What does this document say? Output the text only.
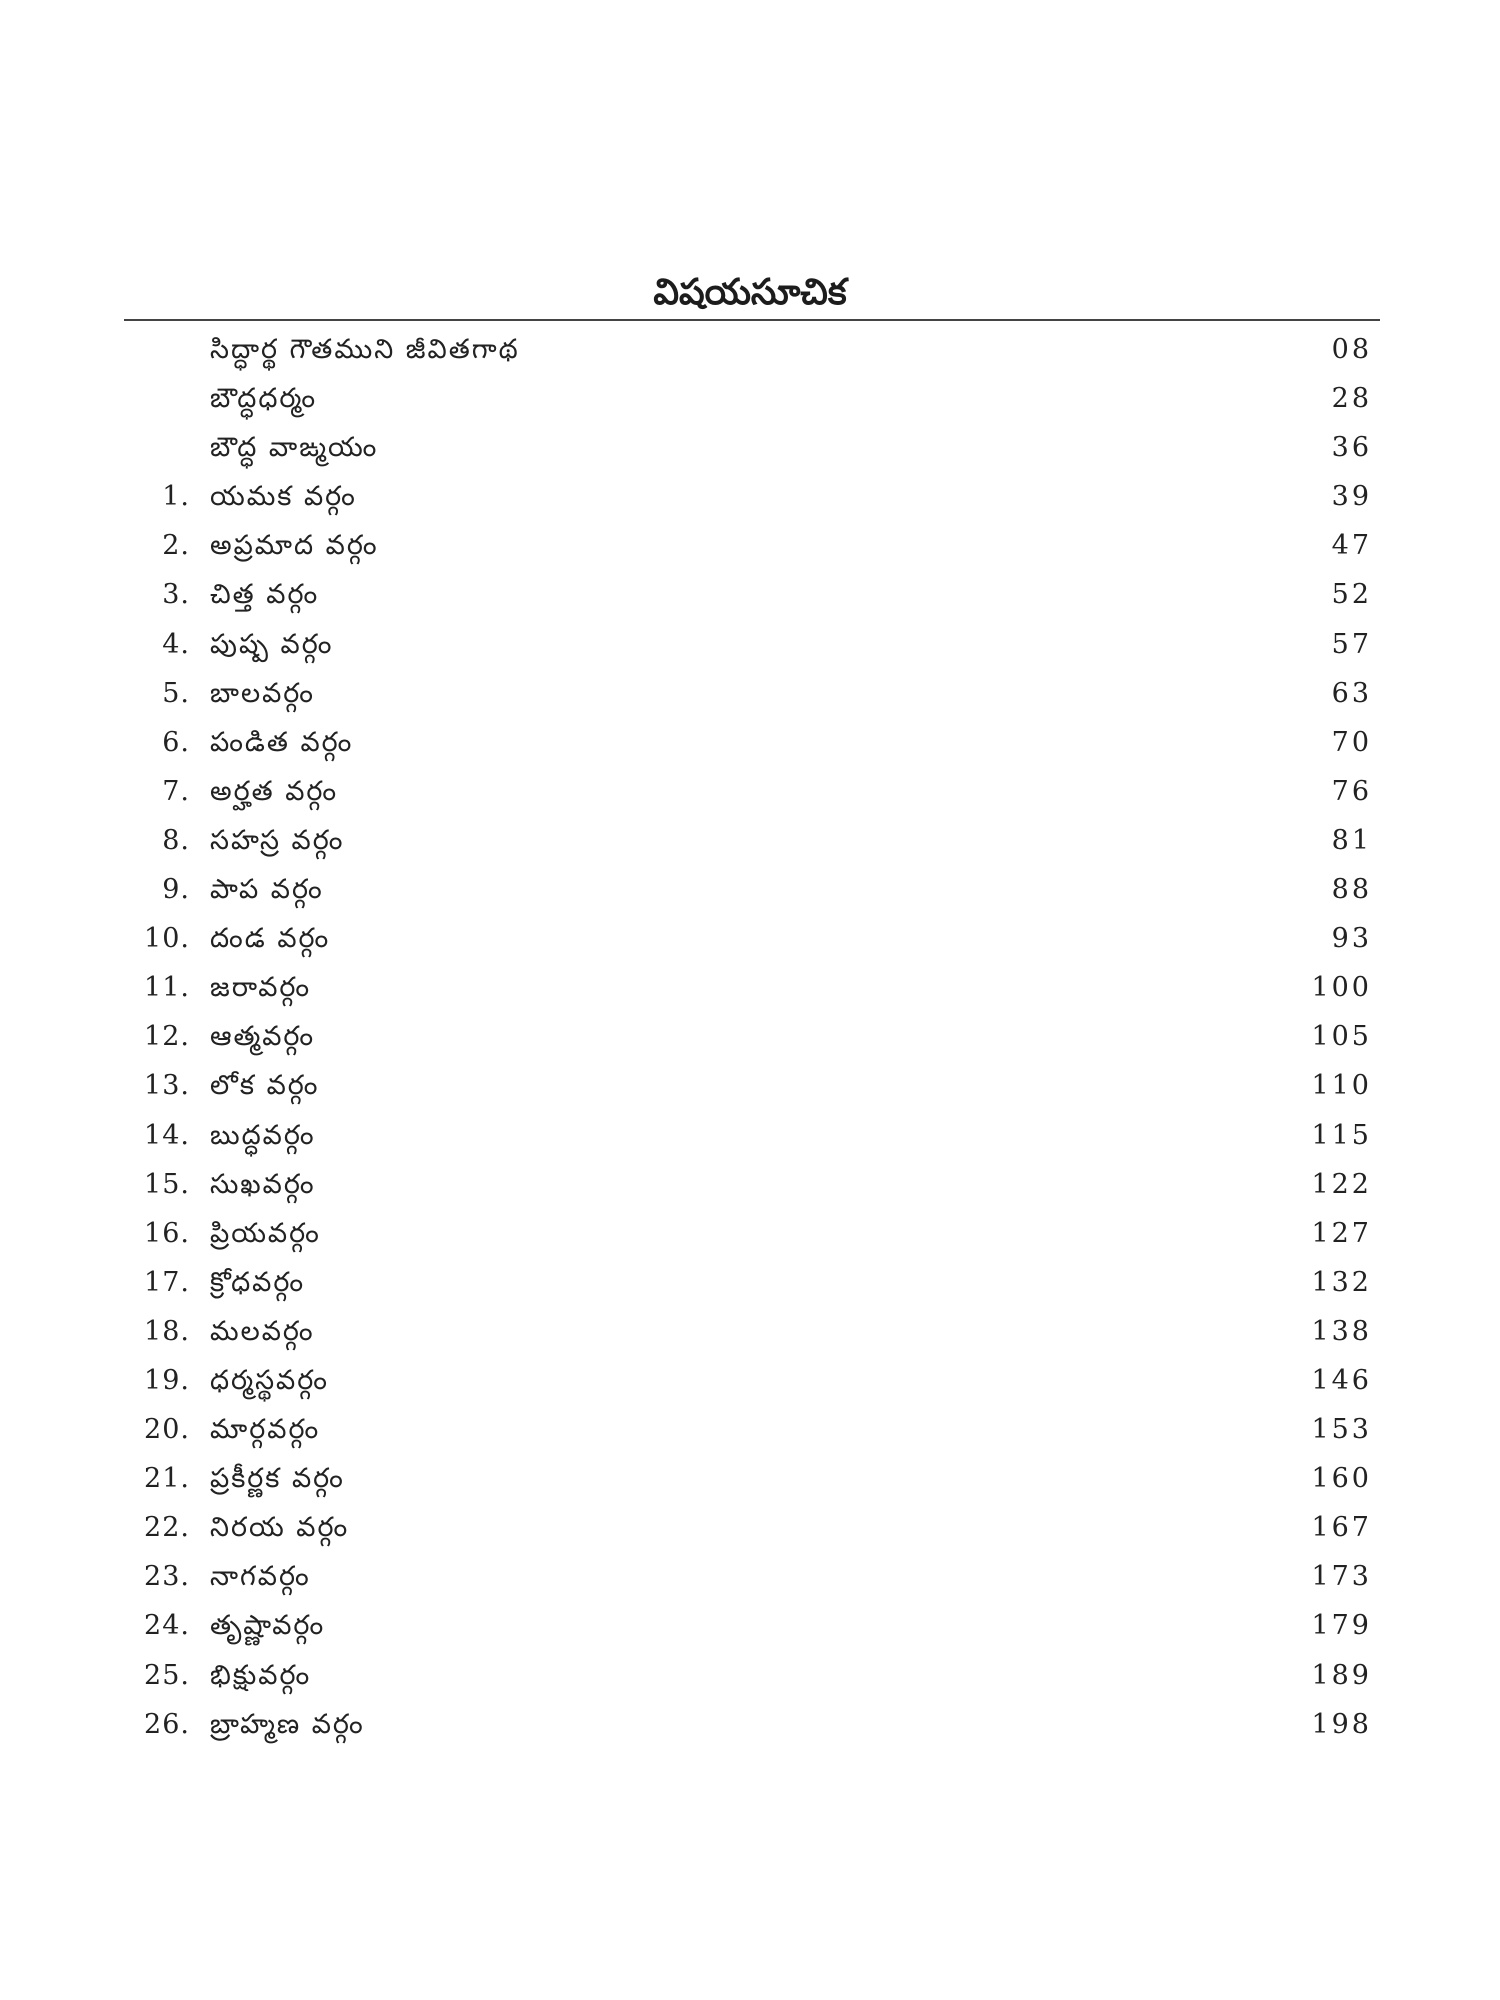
విషయసూచిక
సిద్ధార్థ గౌతముని జీవితగాథ	08
బౌద్ధధర్మం	28
బౌద్ధ వాఙ్మయం	36
1. యమక వర్గం	39
2. అప్రమాద వర్గం	47
3. చిత్త వర్గం	52
4. పుష్ప వర్గం	57
5. బాలవర్గం	63
6. పండిత వర్గం	70
7. అర్హత వర్గం	76
8. సహస్ర వర్గం	81
9. పాప వర్గం	88
10. దండ వర్గం	93
11. జరావర్గం	100
12. ఆత్మవర్గం	105
13. లోక వర్గం	110
14. బుద్ధవర్గం	115
15. సుఖవర్గం	122
16. ప్రియవర్గం	127
17. క్రోధవర్గం	132
18. మలవర్గం	138
19. ధర్మస్థవర్గం	146
20. మార్గవర్గం	153
21. ప్రకీర్ణక వర్గం	160
22. నిరయ వర్గం	167
23. నాగవర్గం	173
24. తృష్ణావర్గం	179
25. భిక్షువర్గం	189
26. బ్రాహ్మణ వర్గం	198
